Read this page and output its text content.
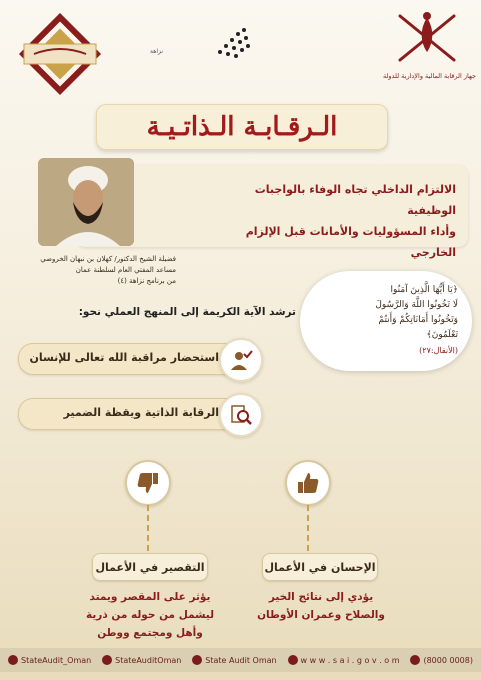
جهاز الرقابة المالية والإدارية للدولة
نزاهة
الـرقـابـة الـذاتـيـة
الالتزام الداخلي تجاه الوفاء بالواجبات الوظيفية
وأداء المسؤوليات والأمانات قبل الإلزام الخارجي
فضيلة الشيخ الدكتور/ كهلان بن نبهان الخروصي
مساعد المفتي العام لسلطنة عمان
من برنامج نزاهة (٤)
﴿يَا أَيُّهَا الَّذِينَ آمَنُوا
لَا تَخُونُوا اللَّهَ وَالرَّسُولَ
وَتَخُونُوا أَمَانَاتِكُمْ وَأَنتُمْ
تَعْلَمُونَ﴾
(الأنفال:٢٧)
ترشد الآية الكريمة إلى المنهج العملي نحو:
استحضار مراقبة الله تعالى للإنسان
الرقابة الذاتية ويقظة الضمير
الإحسان في الأعمال
التقصير في الأعمال
يؤدي إلى نتائج الخير
والصلاح وعمران الأوطان
يؤثر على المقصر ويمتد
ليشمل من حوله من ذرية
وأهل ومجتمع ووطن
StateAudit_Oman	StateAuditOman	State Audit Oman	w w w . s a i . g o v . o m	(8000 0008)
